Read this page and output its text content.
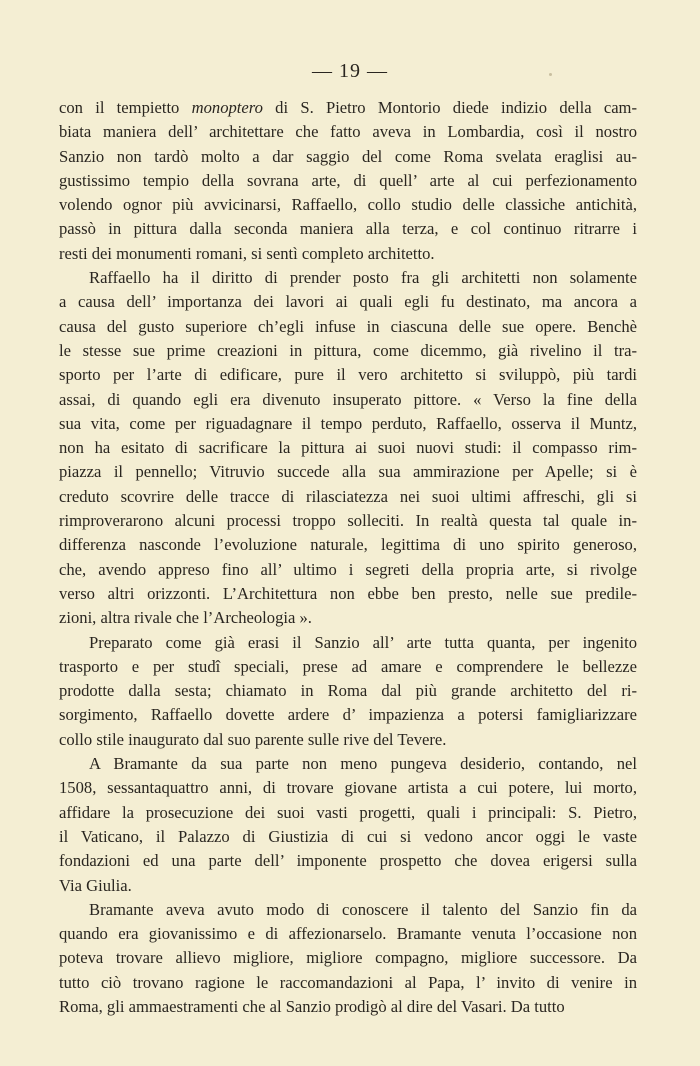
— 19 —

con il tempietto monoptero di S. Pietro Montorio diede indizio della cam-
biata maniera dell’ architettare che fatto aveva in Lombardia, così il nostro
Sanzio non tardò molto a dar saggio del come Roma svelata eraglisi au-
gustissimo tempio della sovrana arte, di quell’ arte al cui perfezionamento
volendo ognor più avvicinarsi, Raffaello, collo studio delle classiche antichità,
passò in pittura dalla seconda maniera alla terza, e col continuo ritrarre i
resti dei monumenti romani, si sentì completo architetto.

Raffaello ha il diritto di prender posto fra gli architetti non solamente
a causa dell’ importanza dei lavori ai quali egli fu destinato, ma ancora a
causa del gusto superiore ch’egli infuse in ciascuna delle sue opere. Benchè
le stesse sue prime creazioni in pittura, come dicemmo, già rivelino il tra-
sporto per l’arte di edificare, pure il vero architetto si sviluppò, più tardi
assai, di quando egli era divenuto insuperato pittore. « Verso la fine della
sua vita, come per riguadagnare il tempo perduto, Raffaello, osserva il Muntz,
non ha esitato di sacrificare la pittura ai suoi nuovi studi: il compasso rim-
piazza il pennello; Vitruvio succede alla sua ammirazione per Apelle; si è
creduto scovrire delle tracce di rilasciatezza nei suoi ultimi affreschi, gli si
rimproverarono alcuni processi troppo solleciti. In realtà questa tal quale in-
differenza nasconde l’evoluzione naturale, legittima di uno spirito generoso,
che, avendo appreso fino all’ ultimo i segreti della propria arte, si rivolge
verso altri orizzonti. L’Architettura non ebbe ben presto, nelle sue predile-
zioni, altra rivale che l’Archeologia ».

Preparato come già erasi il Sanzio all’ arte tutta quanta, per ingenito
trasporto e per studî speciali, prese ad amare e comprendere le bellezze
prodotte dalla sesta; chiamato in Roma dal più grande architetto del ri-
sorgimento, Raffaello dovette ardere d’ impazienza a potersi famigliarizzare
collo stile inaugurato dal suo parente sulle rive del Tevere.

A Bramante da sua parte non meno pungeva desiderio, contando, nel
1508, sessantaquattro anni, di trovare giovane artista a cui potere, lui morto,
affidare la prosecuzione dei suoi vasti progetti, quali i principali: S. Pietro,
il Vaticano, il Palazzo di Giustizia di cui si vedono ancor oggi le vaste
fondazioni ed una parte dell’ imponente prospetto che dovea erigersi sulla
Via Giulia.

Bramante aveva avuto modo di conoscere il talento del Sanzio fin da
quando era giovanissimo e di affezionarselo. Bramante venuta l’occasione non
poteva trovare allievo migliore, migliore compagno, migliore successore. Da
tutto ciò trovano ragione le raccomandazioni al Papa, l’ invito di venire in
Roma, gli ammaestramenti che al Sanzio prodigò al dire del Vasari. Da tutto
